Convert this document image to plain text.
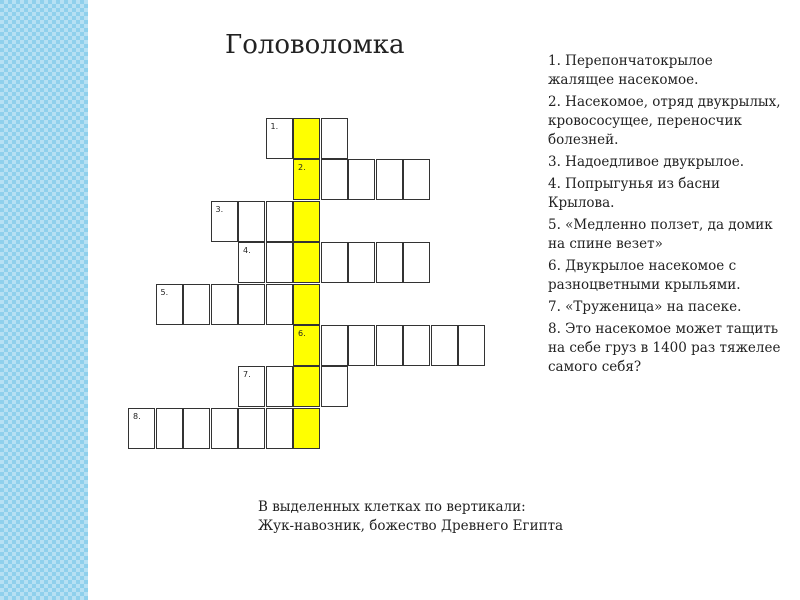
Головоломка
1.
2.
3.
4.
5.
6.
7.
8.

1. Перепончатокрылое жалящее насекомое.

2. Насекомое, отряд двукрылых, кровососущее, переносчик болезней.

3. Надоедливое двукрылое.

4. Попрыгунья из басни Крылова.

5. «Медленно ползет, да домик на спине везет»

6. Двукрылое насекомое с разноцветными крыльями.

7. «Труженица» на пасеке.

8. Это насекомое может тащить на себе груз в 1400 раз тяжелее самого себя?

В выделенных клетках по вертикали:
Жук-навозник, божество Древнего Египта
